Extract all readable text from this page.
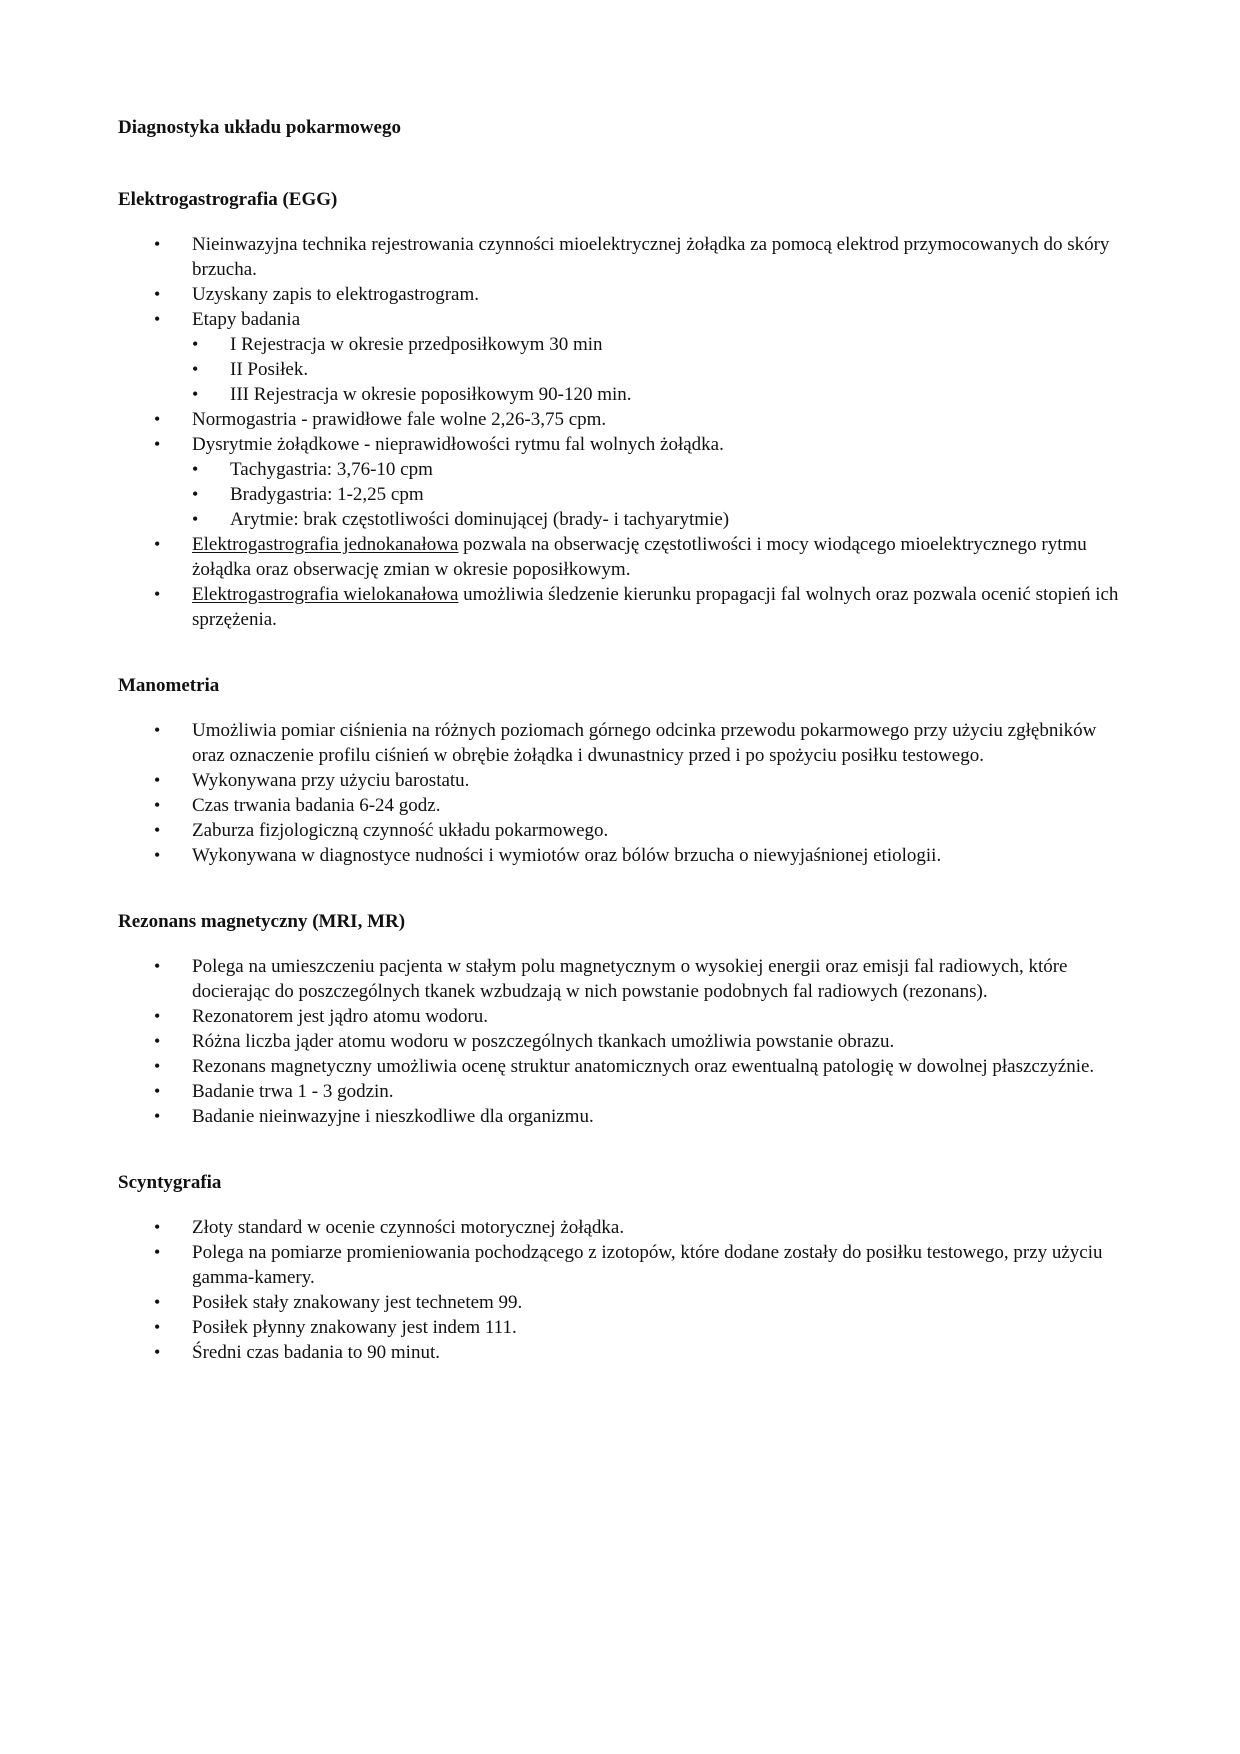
Diagnostyka układu pokarmowego
Elektrogastrografia (EGG)
• Nieinwazyjna technika rejestrowania czynności mioelektrycznej żołądka za pomocą elektrod przymocowanych do skóry brzucha.
• Uzyskany zapis to elektrogastrogram.
• Etapy badania
• I Rejestracja w okresie przedposiłkowym 30 min
• II Posiłek.
• III Rejestracja w okresie poposiłkowym 90-120 min.
• Normogastria - prawidłowe fale wolne 2,26-3,75 cpm.
• Dysrytmie żołądkowe - nieprawidłowości rytmu fal wolnych żołądka.
• Tachygastria: 3,76-10 cpm
• Bradygastria: 1-2,25 cpm
• Arytmie: brak częstotliwości dominującej (brady- i tachyarytmie)
• Elektrogastrografia jednokanałowa pozwala na obserwację częstotliwości i mocy wiodącego mioelektrycznego rytmu żołądka oraz obserwację zmian w okresie poposiłkowym.
• Elektrogastrografia wielokanałowa umożliwia śledzenie kierunku propagacji fal wolnych oraz pozwala ocenić stopień ich sprzężenia.
Manometria
• Umożliwia pomiar ciśnienia na różnych poziomach górnego odcinka przewodu pokarmowego przy użyciu zgłębników oraz oznaczenie profilu ciśnień w obrębie żołądka i dwunastnicy przed i po spożyciu posiłku testowego.
• Wykonywana przy użyciu barostatu.
• Czas trwania badania 6-24 godz.
• Zaburza fizjologiczną czynność układu pokarmowego.
• Wykonywana w diagnostyce nudności i wymiotów oraz bólów brzucha o niewyjaśnionej etiologii.
Rezonans magnetyczny (MRI, MR)
• Polega na umieszczeniu pacjenta w stałym polu magnetycznym o wysokiej energii oraz emisji fal radiowych, które docierając do poszczególnych tkanek wzbudzają w nich powstanie podobnych fal radiowych (rezonans).
• Rezonatorem jest jądro atomu wodoru.
• Różna liczba jąder atomu wodoru w poszczególnych tkankach umożliwia powstanie obrazu.
• Rezonans magnetyczny umożliwia ocenę struktur anatomicznych oraz ewentualną patologię w dowolnej płaszczyźnie.
• Badanie trwa 1 - 3 godzin.
• Badanie nieinwazyjne i nieszkodliwe dla organizmu.
Scyntygrafia
• Złoty standard w ocenie czynności motorycznej żołądka.
• Polega na pomiarze promieniowania pochodzącego z izotopów, które dodane zostały do posiłku testowego, przy użyciu gamma-kamery.
• Posiłek stały znakowany jest technetem 99.
• Posiłek płynny znakowany jest indem 111.
• Średni czas badania to 90 minut.
